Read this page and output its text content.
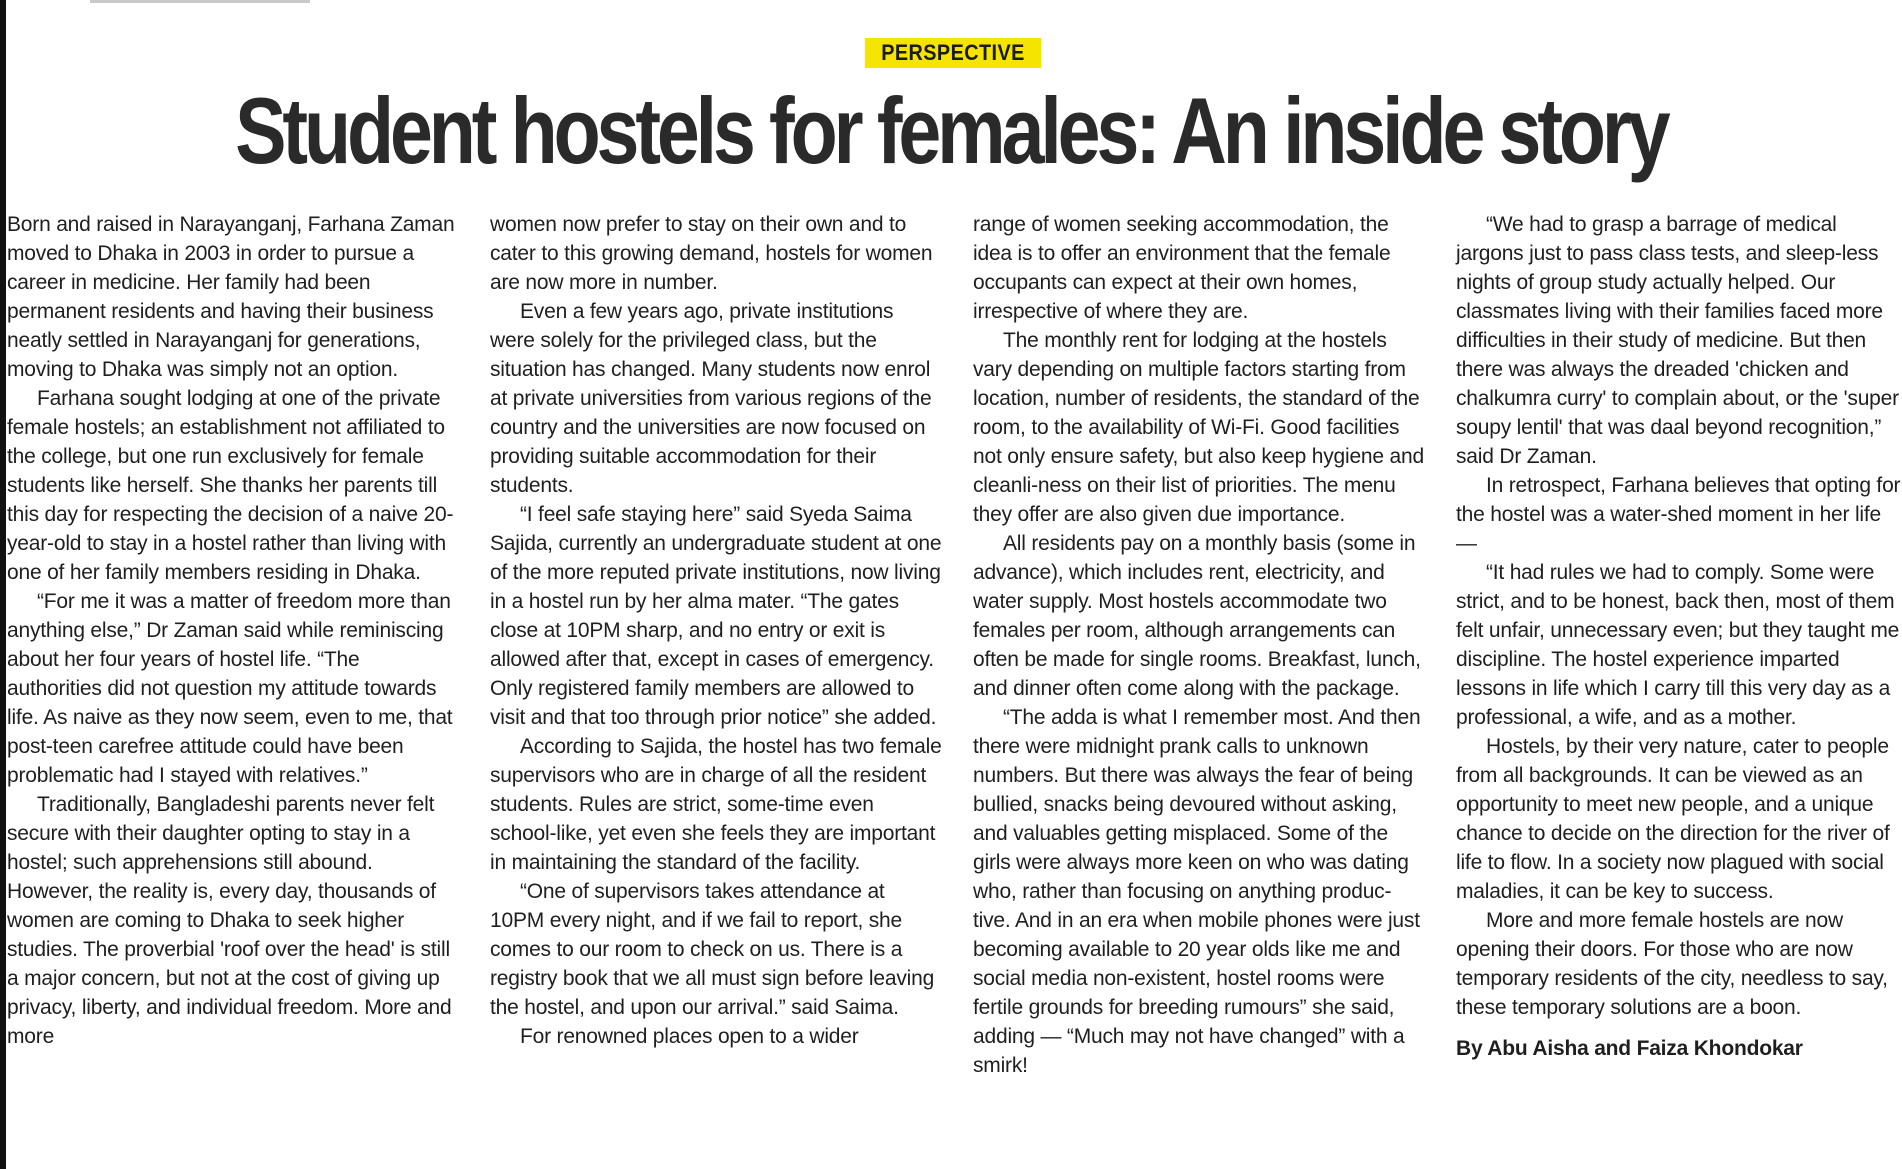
PERSPECTIVE
Student hostels for females: An inside story

Born and raised in Narayanganj, Farhana Zaman moved to Dhaka in 2003 in order to pursue a career in medicine. Her family had been permanent residents and having their business neatly settled in Narayanganj for generations, moving to Dhaka was simply not an option.

Farhana sought lodging at one of the private female hostels; an establishment not affiliated to the college, but one run exclusively for female students like herself. She thanks her parents till this day for respecting the decision of a naive 20-year-old to stay in a hostel rather than living with one of her family members residing in Dhaka.

“For me it was a matter of freedom more than anything else,” Dr Zaman said while reminiscing about her four years of hostel life. “The authorities did not question my attitude towards life. As naive as they now seem, even to me, that post-teen carefree attitude could have been problematic had I stayed with relatives.”

Traditionally, Bangladeshi parents never felt secure with their daughter opting to stay in a hostel; such apprehensions still abound. However, the reality is, every day, thousands of women are coming to Dhaka to seek higher studies. The proverbial 'roof over the head' is still a major concern, but not at the cost of giving up privacy, liberty, and individual freedom. More and more

women now prefer to stay on their own and to cater to this growing demand, hostels for women are now more in number.

Even a few years ago, private institutions were solely for the privileged class, but the situation has changed. Many students now enrol at private universities from various regions of the country and the universities are now focused on providing suitable accommodation for their students.

“I feel safe staying here” said Syeda Saima Sajida, currently an undergraduate student at one of the more reputed private institutions, now living in a hostel run by her alma mater. “The gates close at 10PM sharp, and no entry or exit is allowed after that, except in cases of emergency. Only registered family members are allowed to visit and that too through prior notice” she added.

According to Sajida, the hostel has two female supervisors who are in charge of all the resident students. Rules are strict, some-time even school-like, yet even she feels they are important in maintaining the standard of the facility.

“One of supervisors takes attendance at 10PM every night, and if we fail to report, she comes to our room to check on us. There is a registry book that we all must sign before leaving the hostel, and upon our arrival.” said Saima.

For renowned places open to a wider

range of women seeking accommodation, the idea is to offer an environment that the female occupants can expect at their own homes, irrespective of where they are.

The monthly rent for lodging at the hostels vary depending on multiple factors starting from location, number of residents, the standard of the room, to the availability of Wi-Fi. Good facilities not only ensure safety, but also keep hygiene and cleanli-ness on their list of priorities. The menu they offer are also given due importance.

All residents pay on a monthly basis (some in advance), which includes rent, electricity, and water supply. Most hostels accommodate two females per room, although arrangements can often be made for single rooms. Breakfast, lunch, and dinner often come along with the package.

“The adda is what I remember most. And then there were midnight prank calls to unknown numbers. But there was always the fear of being bullied, snacks being devoured without asking, and valuables getting misplaced. Some of the girls were always more keen on who was dating who, rather than focusing on anything produc-tive. And in an era when mobile phones were just becoming available to 20 year olds like me and social media non-existent, hostel rooms were fertile grounds for breeding rumours” she said, adding — “Much may not have changed” with a smirk!

“We had to grasp a barrage of medical jargons just to pass class tests, and sleep-less nights of group study actually helped. Our classmates living with their families faced more difficulties in their study of medicine. But then there was always the dreaded 'chicken and chalkumra curry' to complain about, or the 'super soupy lentil' that was daal beyond recognition,” said Dr Zaman.

In retrospect, Farhana believes that opting for the hostel was a water-shed moment in her life —

“It had rules we had to comply. Some were strict, and to be honest, back then, most of them felt unfair, unnecessary even; but they taught me discipline. The hostel experience imparted lessons in life which I carry till this very day as a professional, a wife, and as a mother.

Hostels, by their very nature, cater to people from all backgrounds. It can be viewed as an opportunity to meet new people, and a unique chance to decide on the direction for the river of life to flow. In a society now plagued with social maladies, it can be key to success.

More and more female hostels are now opening their doors. For those who are now temporary residents of the city, needless to say, these temporary solutions are a boon.

By Abu Aisha and Faiza Khondokar
